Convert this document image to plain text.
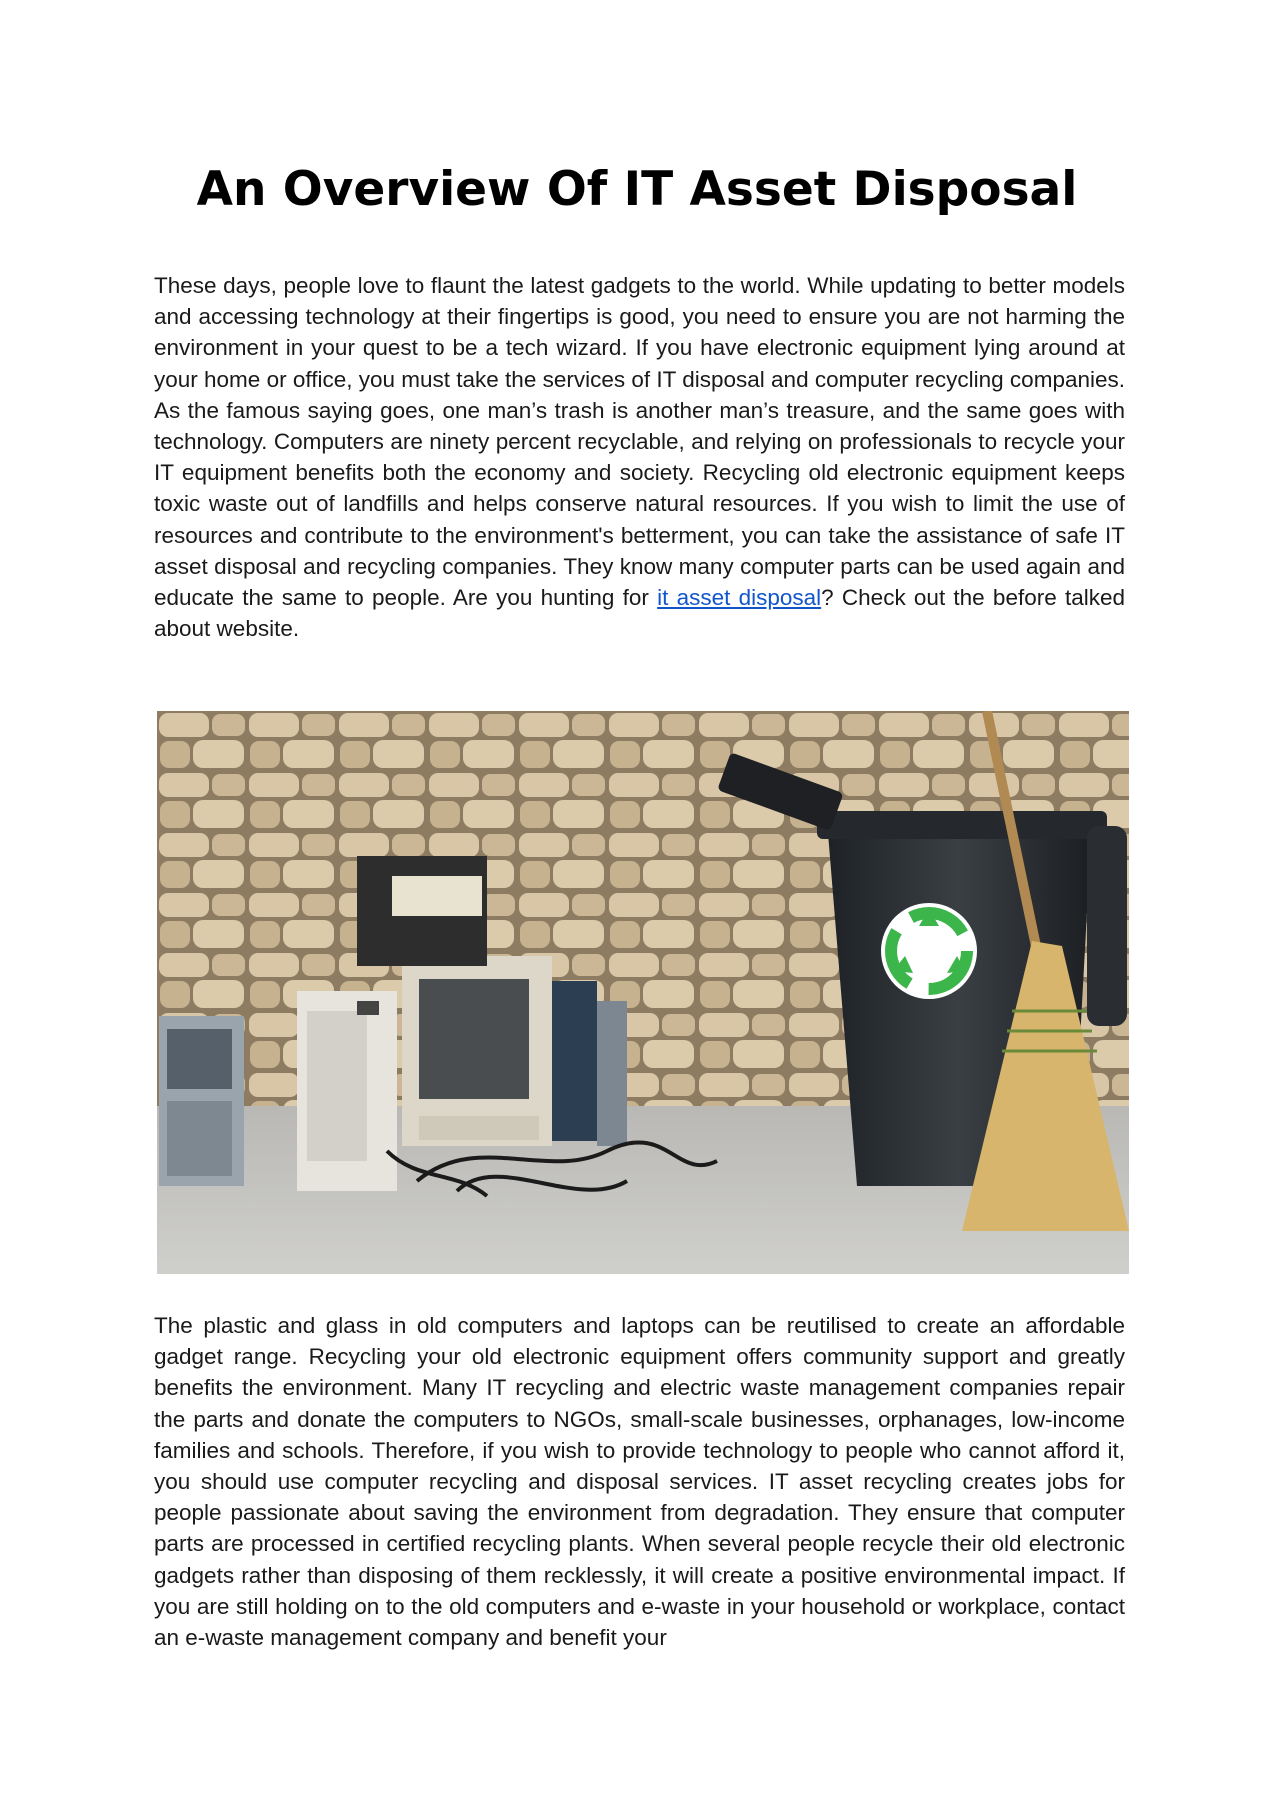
An Overview Of IT Asset Disposal

These days, people love to flaunt the latest gadgets to the world. While updating to better models and accessing technology at their fingertips is good, you need to ensure you are not harming the environment in your quest to be a tech wizard. If you have electronic equipment lying around at your home or office, you must take the services of IT disposal and computer recycling companies. As the famous saying goes, one man’s trash is another man’s treasure, and the same goes with technology. Computers are ninety percent recyclable, and relying on professionals to recycle your IT equipment benefits both the economy and society. Recycling old electronic equipment keeps toxic waste out of landfills and helps conserve natural resources. If you wish to limit the use of resources and contribute to the environment's betterment, you can take the assistance of safe IT asset disposal and recycling companies. They know many computer parts can be used again and educate the same to people. Are you hunting for it asset disposal? Check out the before talked about website.

The plastic and glass in old computers and laptops can be reutilised to create an affordable gadget range. Recycling your old electronic equipment offers community support and greatly benefits the environment. Many IT recycling and electric waste management companies repair the parts and donate the computers to NGOs, small-scale businesses, orphanages, low-income families and schools. Therefore, if you wish to provide technology to people who cannot afford it, you should use computer recycling and disposal services. IT asset recycling creates jobs for people passionate about saving the environment from degradation. They ensure that computer parts are processed in certified recycling plants. When several people recycle their old electronic gadgets rather than disposing of them recklessly, it will create a positive environmental impact. If you are still holding on to the old computers and e-waste in your household or workplace, contact an e-waste management company and benefit your
